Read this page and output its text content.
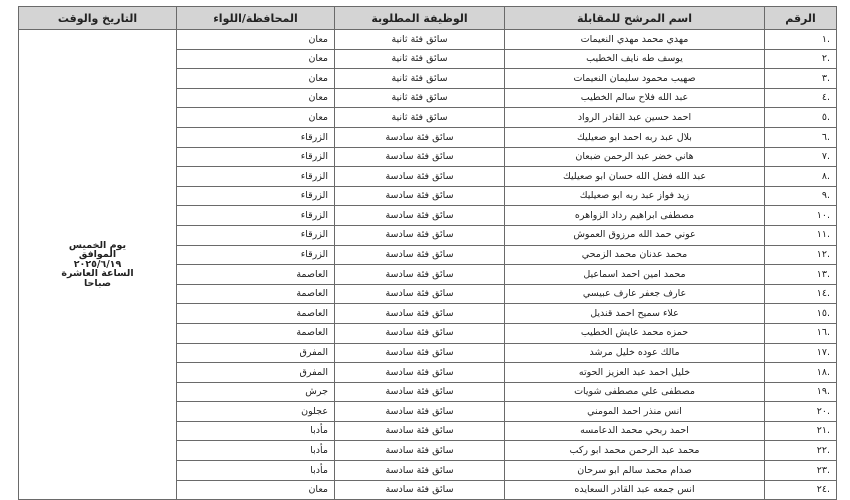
الرقم	اسم المرشح للمقابلة	الوظيفة المطلوبة	المحافظة/اللواء	التاريخ والوقت
.١	مهدي محمد مهدي النعيمات	سائق فئة ثانية	معان	يوم الخميس
الموافق
٢٠٢٥/٦/١٩
الساعة العاشرة
صباحا

.٢	يوسف طه نايف الخطيب	سائق فئة ثانية	معان	
.٣	صهيب محمود سليمان النعيمات	سائق فئة ثانية	معان	
.٤	عبد الله فلاح سالم الخطيب	سائق فئة ثانية	معان	
.٥	احمد حسين عبد القادر الرواد	سائق فئة ثانية	معان	
.٦	بلال عبد ربه احمد ابو صعيليك	سائق فئة سادسة	الزرقاء	
.٧	هاني خضر عبد الرحمن ضبعان	سائق فئة سادسة	الزرقاء	
.٨	عبد الله فضل الله حسان ابو صعيليك	سائق فئة سادسة	الزرقاء	
.٩	زيد فواز عبد ربه ابو صعيليك	سائق فئة سادسة	الزرقاء	
.١٠	مصطفى ابراهيم رداد الزواهره	سائق فئة سادسة	الزرقاء	
.١١	عوني حمد الله مرزوق العموش	سائق فئة سادسة	الزرقاء	
.١٢	محمد عدنان محمد الزمحي	سائق فئة سادسة	الزرقاء	
.١٣	محمد امين احمد اسماعيل	سائق فئة سادسة	العاصمة	
.١٤	عارف جعفر عارف عبيسي	سائق فئة سادسة	العاصمة	
.١٥	علاء سميح احمد قنديل	سائق فئة سادسة	العاصمة	
.١٦	حمزه محمد عايش الخطيب	سائق فئة سادسة	العاصمة	
.١٧	مالك عوده خليل مرشد	سائق فئة سادسة	المفرق	
.١٨	خليل احمد عبد العزيز الحوته	سائق فئة سادسة	المفرق	
.١٩	مصطفى علي مصطفى شويات	سائق فئة سادسة	جرش	
.٢٠	انس منذر احمد المومني	سائق فئة سادسة	عجلون	
.٢١	احمد ربحي محمد الدعامسه	سائق فئة سادسة	مأدبا	
.٢٢	محمد عبد الرحمن محمد ابو ركب	سائق فئة سادسة	مأدبا	
.٢٣	صدام محمد سالم ابو سرحان	سائق فئة سادسة	مأدبا	
.٢٤	انس جمعه عبد القادر السعايده	سائق فئة سادسة	معان	
